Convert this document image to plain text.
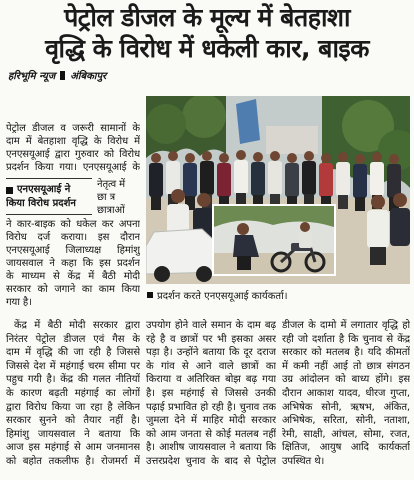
पेट्रोल डीजल के मूल्य में बेतहाशा
वृद्धि के विरोध में धकेली कार, बाइक
हरिभूमि न्यूज अंबिकापुर
पेट्रोल डीजल व जरूरी सामानों के
दाम में बेतहाशा वृद्धि के विरोध में
एनएसयूआई द्वारा गुरुवार को विरोध
प्रदर्शन किया गया। एनएसयूआई के
एनएसयूआई ने
किया विरोध प्रदर्शन
नेतृत्व में
छा त्र
छात्राओं
ने कार-बाइक को धकेल कर अपना
विरोध दर्ज कराया। इस दौरान
एनएसयूआई जिलाध्यक्ष हिमांशु
जायसवाल ने कहा कि इस प्रदर्शन
के माध्यम से केंद्र में बैठी मोदी
सरकार को जगाने का काम किया
गया है।
प्रदर्शन करते एनएसयूआई कार्यकर्ता।
केंद्र में बैठी मोदी सरकार द्वारा
निरंतर पेट्रोल डीजल एवं गैस के
दाम में वृद्धि की जा रही है जिससे
जिससे देश में महंगाई चरम सीमा पर
पहुच गयी है। केंद्र की गलत नीतियों
के कारण बढ़ती महंगाई का लोगों
द्वारा विरोध किया जा रहा है लेकिन
सरकार सुनने को तैयार नहीं है।
हिमांशु जायसवाल ने बताया कि
आज इस महंगाई से आम जनमानस
को बहोत तकलीफ है। रोजमर्रा में
उपयोग होने वाले समान के दाम बढ़
रहे है व छात्रों पर भी इसका असर
पड़ा है। उन्होंने बताया कि दूर दराज
के गांव से आने वाले छात्रों का
किराया व अतिरिक्त बोझ बढ़ गया
है। इस महंगाई से जिससे उनकी
पढ़ाई प्रभावित हो रही है। चुनाव तक
जुमला देने में माहिर मोदी सरकार
को आम जनता से कोई मतलब नहीं
है। आशीष जायसवाल ने बताया कि
उत्तरप्रदेश चुनाव के बाद से पेट्रोल
डीजल के दामो में लगातार वृद्धि हो
रही जो दर्शाता है कि चुनाव से केंद्र
सरकार को मतलब है। यदि कीमतों
में कमी नहीं आई तो छात्र संगठन
उग्र आंदोलन को बाध्य होंगे। इस
दौरान आकाश यादव, धीरज गुप्ता,
अभिषेक सोनी, ऋषभ, अंकित,
अभिषेक, सरिता, सोनी, नताशा,
रेमी, साक्षी, आंचल, सोमा, रजत,
क्षितिज, आयुष आदि कार्यकर्ता
उपस्थित थे।
